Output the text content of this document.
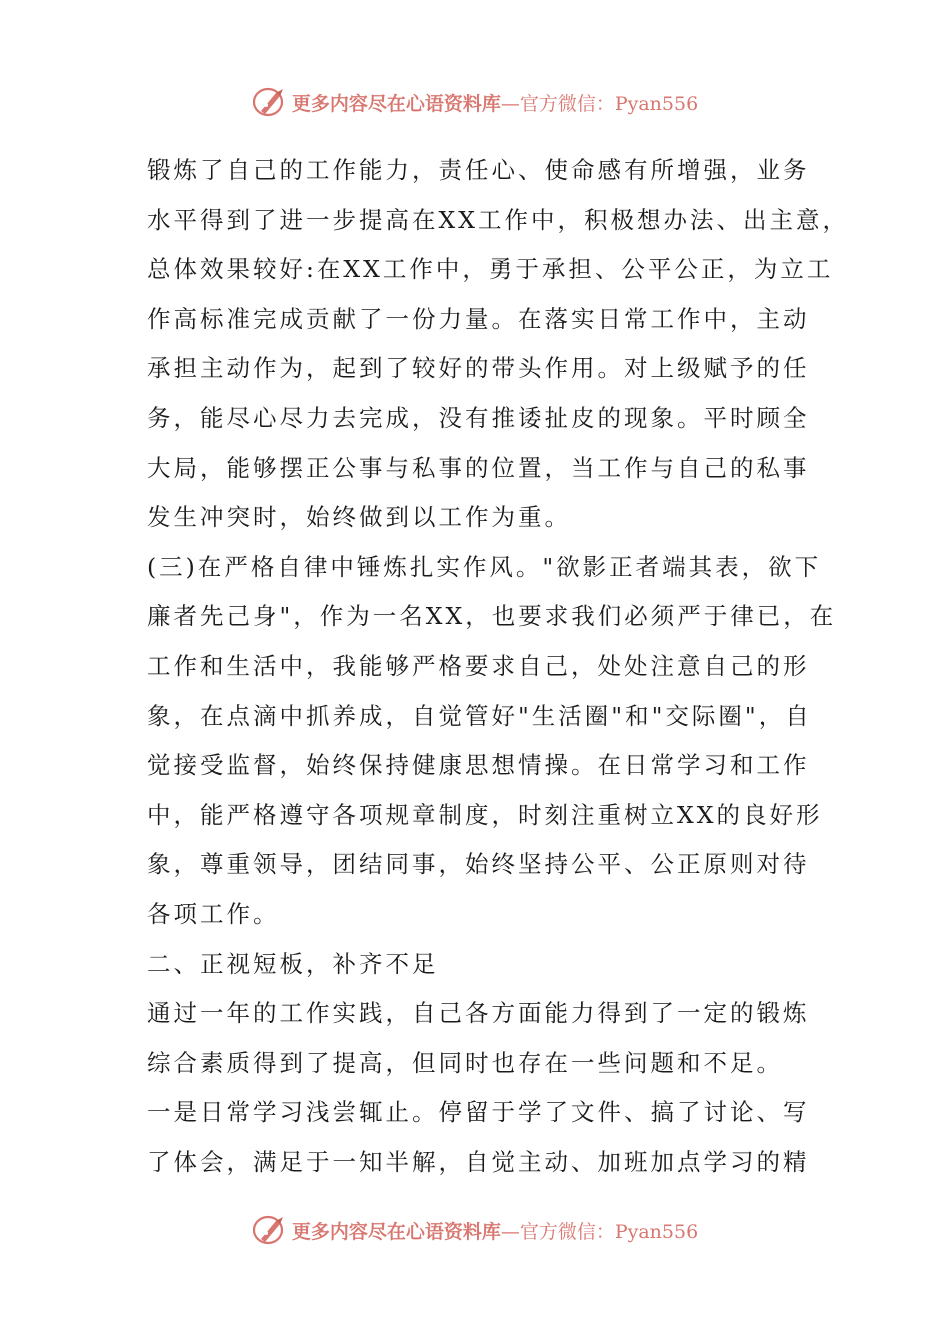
更多内容尽在心语资料库—官方微信：Pyan556
锻炼了自己的工作能力，责任心、使命感有所增强，业务
水平得到了进一步提高在XX工作中，积极想办法、出主意，
总体效果较好:在XX工作中，勇于承担、公平公正，为立工
作高标准完成贡献了一份力量。在落实日常工作中，主动
承担主动作为，起到了较好的带头作用。对上级赋予的任
务，能尽心尽力去完成，没有推诿扯皮的现象。平时顾全
大局，能够摆正公事与私事的位置，当工作与自己的私事
发生冲突时，始终做到以工作为重。
(三)在严格自律中锤炼扎实作风。"欲影正者端其表，欲下
廉者先己身"，作为一名XX，也要求我们必须严于律已，在
工作和生活中，我能够严格要求自己，处处注意自己的形
象，在点滴中抓养成，自觉管好"生活圈"和"交际圈"，自
觉接受监督，始终保持健康思想情操。在日常学习和工作
中，能严格遵守各项规章制度，时刻注重树立XX的良好形
象，尊重领导，团结同事，始终坚持公平、公正原则对待
各项工作。
二、正视短板，补齐不足
通过一年的工作实践，自己各方面能力得到了一定的锻炼
综合素质得到了提高，但同时也存在一些问题和不足。
一是日常学习浅尝辄止。停留于学了文件、搞了讨论、写
了体会，满足于一知半解，自觉主动、加班加点学习的精
更多内容尽在心语资料库—官方微信：Pyan556
